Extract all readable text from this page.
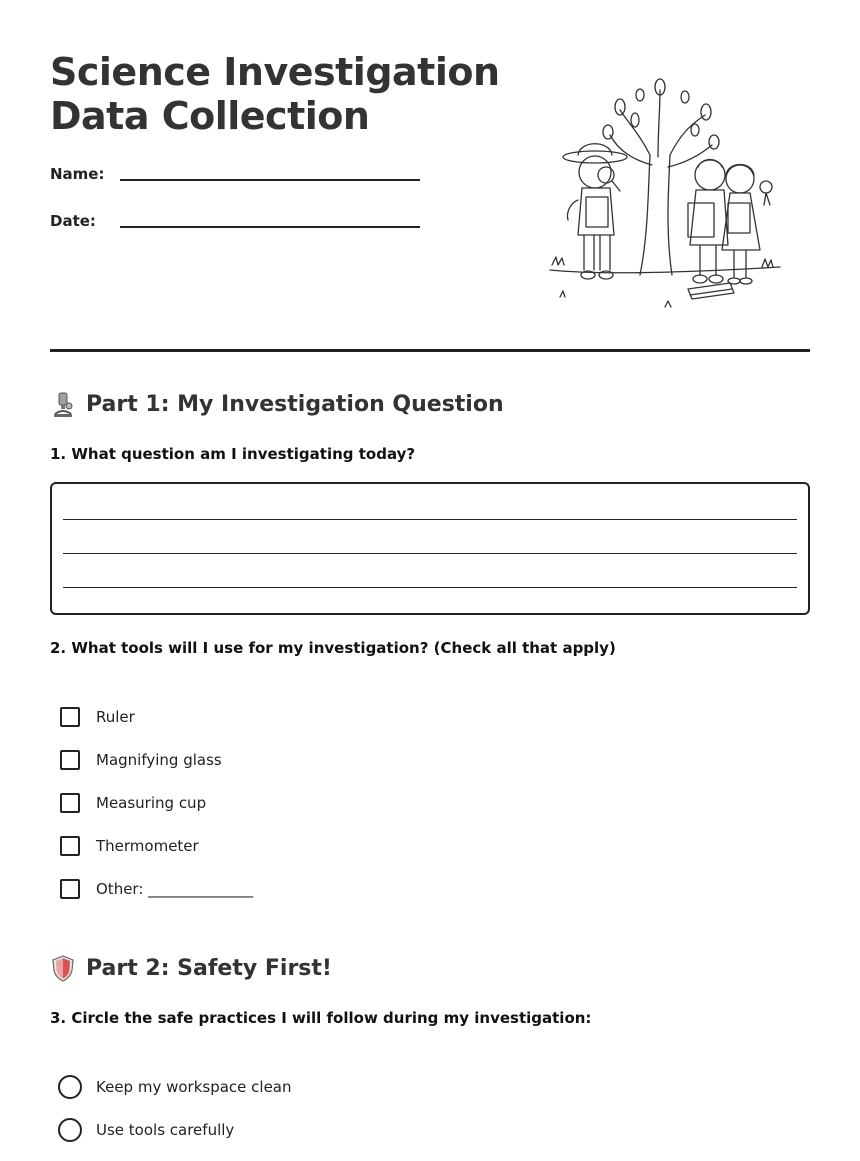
Science Investigation
Data Collection
Name:
Date:
Part 1: My Investigation Question

1. What question am I investigating today?

2. What tools will I use for my investigation? (Check all that apply)

Ruler
Magnifying glass
Measuring cup
Thermometer
Other: ______________
Part 2: Safety First!

3. Circle the safe practices I will follow during my investigation:

Keep my workspace clean
Use tools carefully
